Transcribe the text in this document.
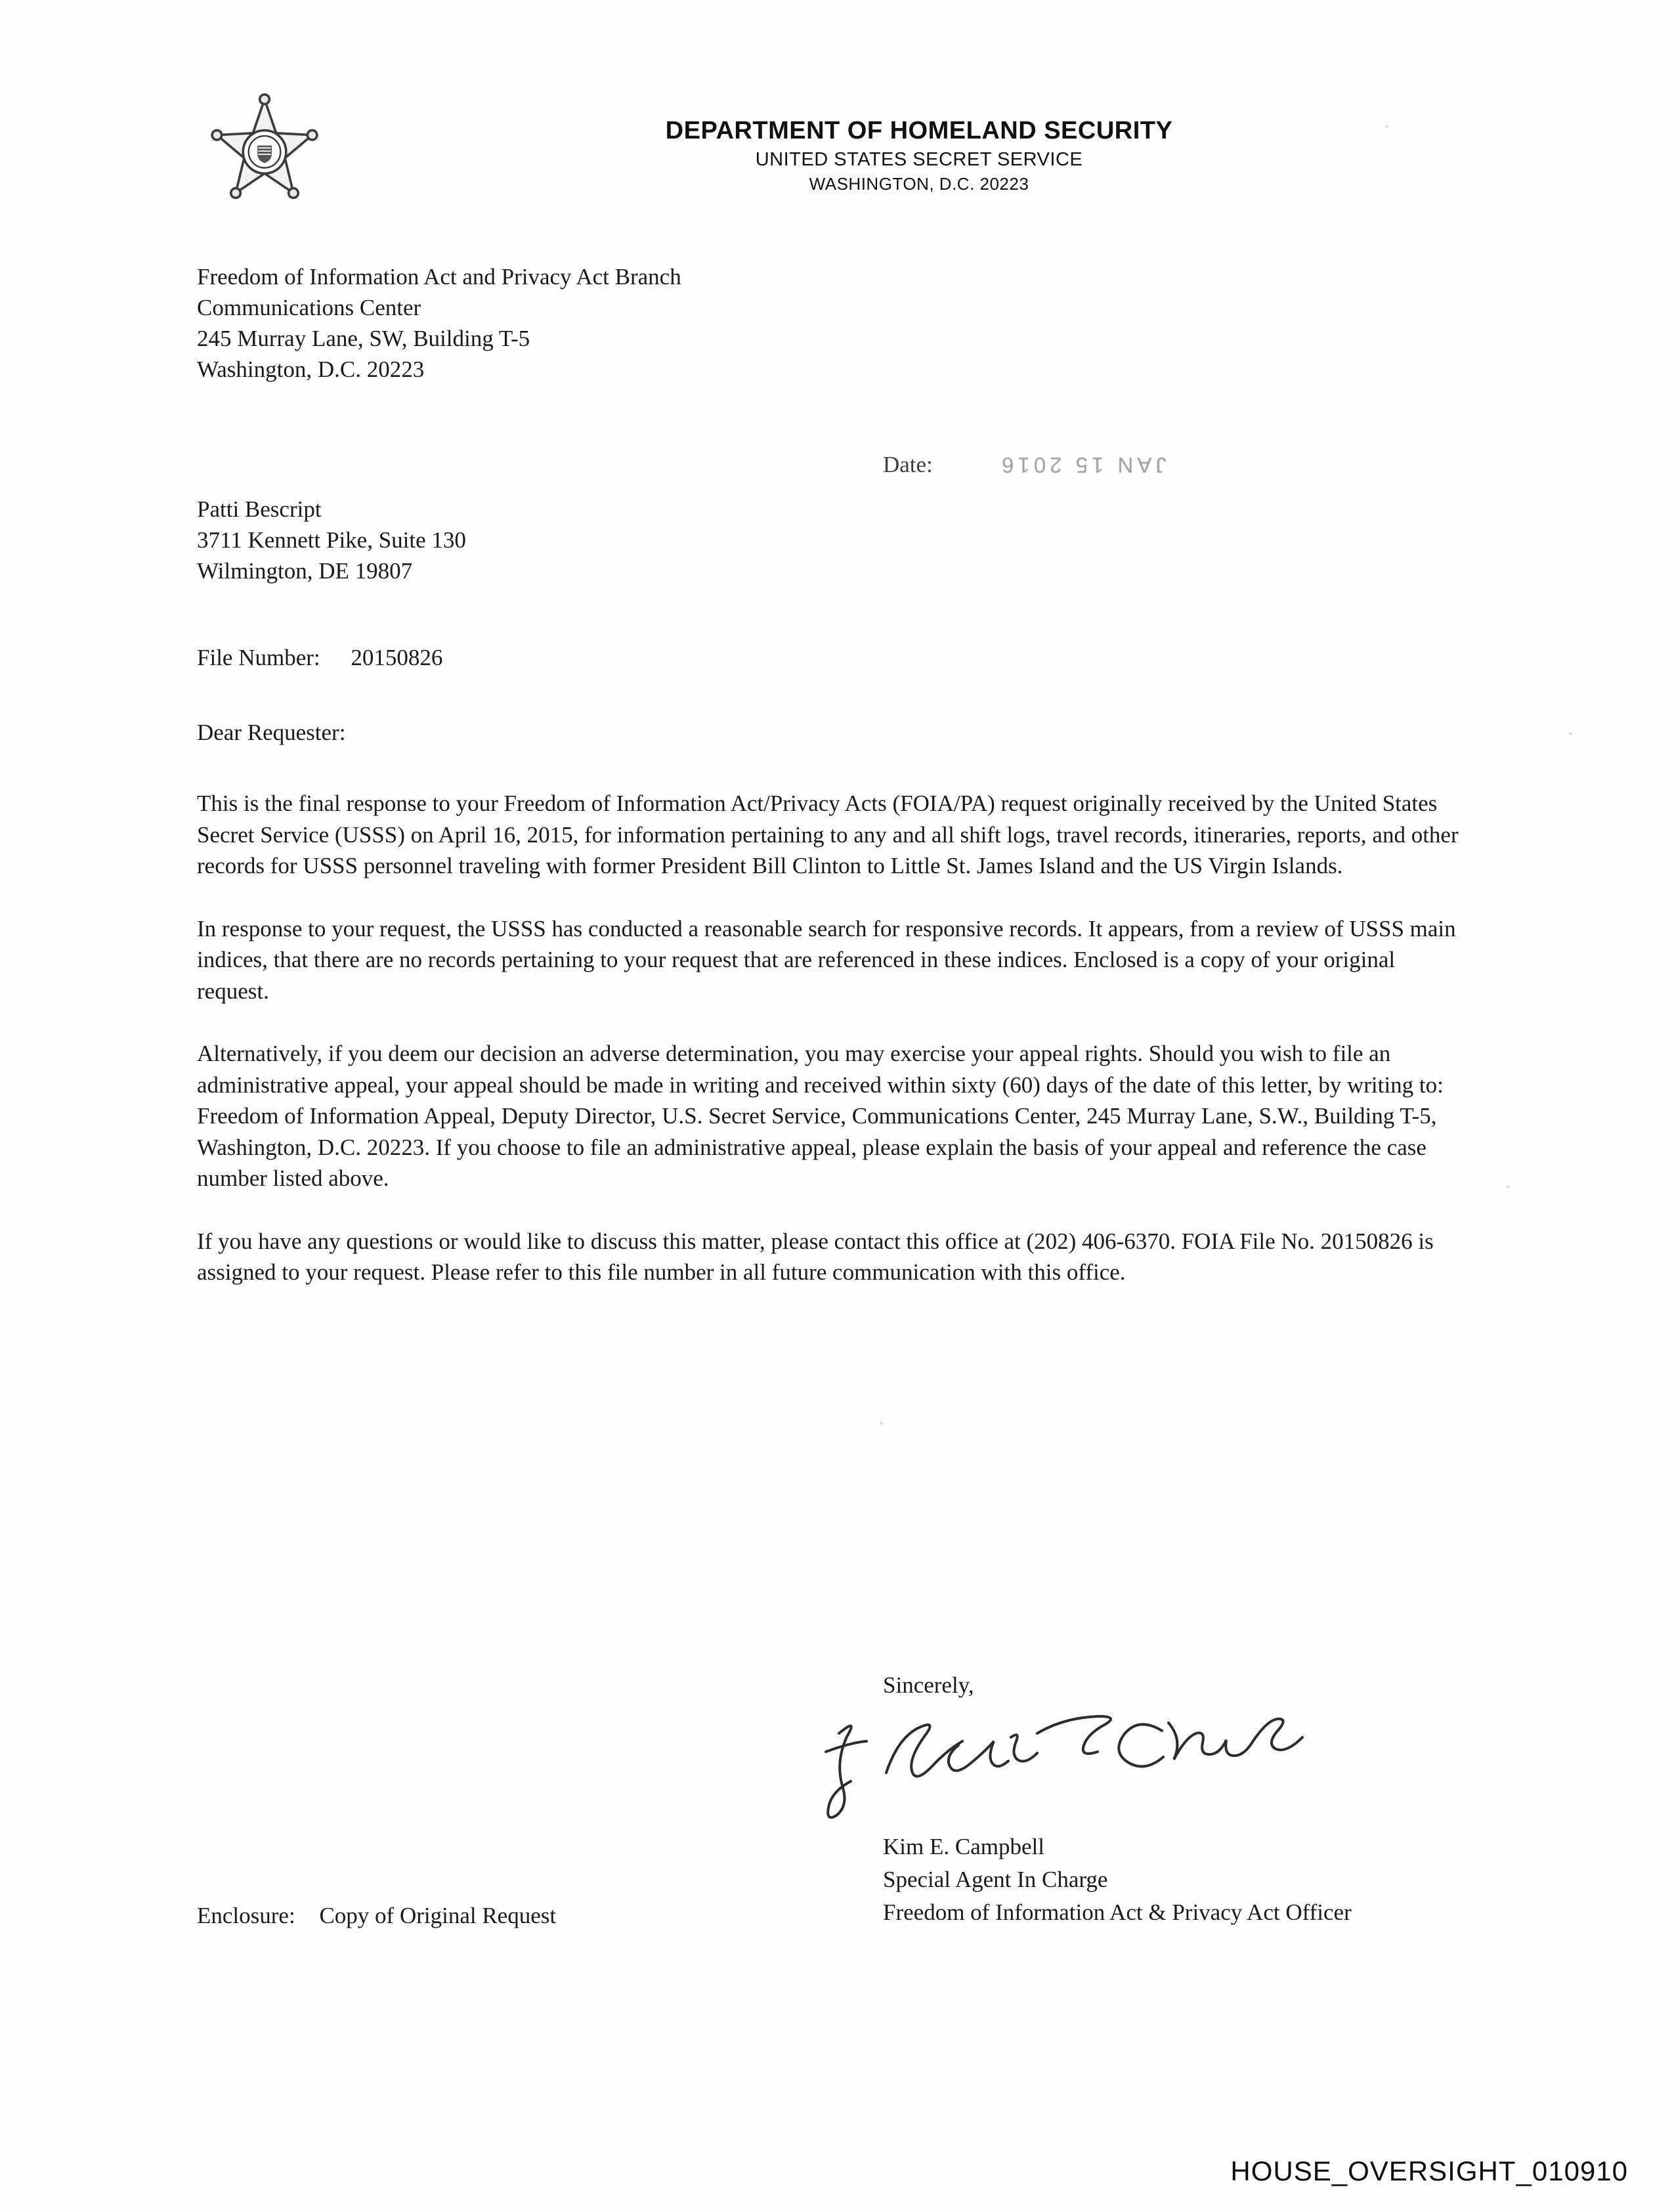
DEPARTMENT OF HOMELAND SECURITY
UNITED STATES SECRET SERVICE
WASHINGTON, D.C. 20223
Freedom of Information Act and Privacy Act Branch
Communications Center
245 Murray Lane, SW, Building T-5
Washington, D.C. 20223
Date:	JAN 15 2016
Patti Bescript
3711 Kennett Pike, Suite 130
Wilmington, DE 19807
File Number: 20150826
Dear Requester:

This is the final response to your Freedom of Information Act/Privacy Acts (FOIA/PA) request originally received by the United States Secret Service (USSS) on April 16, 2015, for information pertaining to any and all shift logs, travel records, itineraries, reports, and other records for USSS personnel traveling with former President Bill Clinton to Little St. James Island and the US Virgin Islands.

In response to your request, the USSS has conducted a reasonable search for responsive records. It appears, from a review of USSS main indices, that there are no records pertaining to your request that are referenced in these indices. Enclosed is a copy of your original request.

Alternatively, if you deem our decision an adverse determination, you may exercise your appeal rights. Should you wish to file an administrative appeal, your appeal should be made in writing and received within sixty (60) days of the date of this letter, by writing to: Freedom of Information Appeal, Deputy Director, U.S. Secret Service, Communications Center, 245 Murray Lane, S.W., Building T-5, Washington, D.C. 20223. If you choose to file an administrative appeal, please explain the basis of your appeal and reference the case number listed above.

If you have any questions or would like to discuss this matter, please contact this office at (202) 406-6370. FOIA File No. 20150826 is assigned to your request. Please refer to this file number in all future communication with this office.

Sincerely,
Kim E. Campbell
Special Agent In Charge
Freedom of Information Act & Privacy Act Officer
Enclosure: Copy of Original Request
HOUSE_OVERSIGHT_010910
